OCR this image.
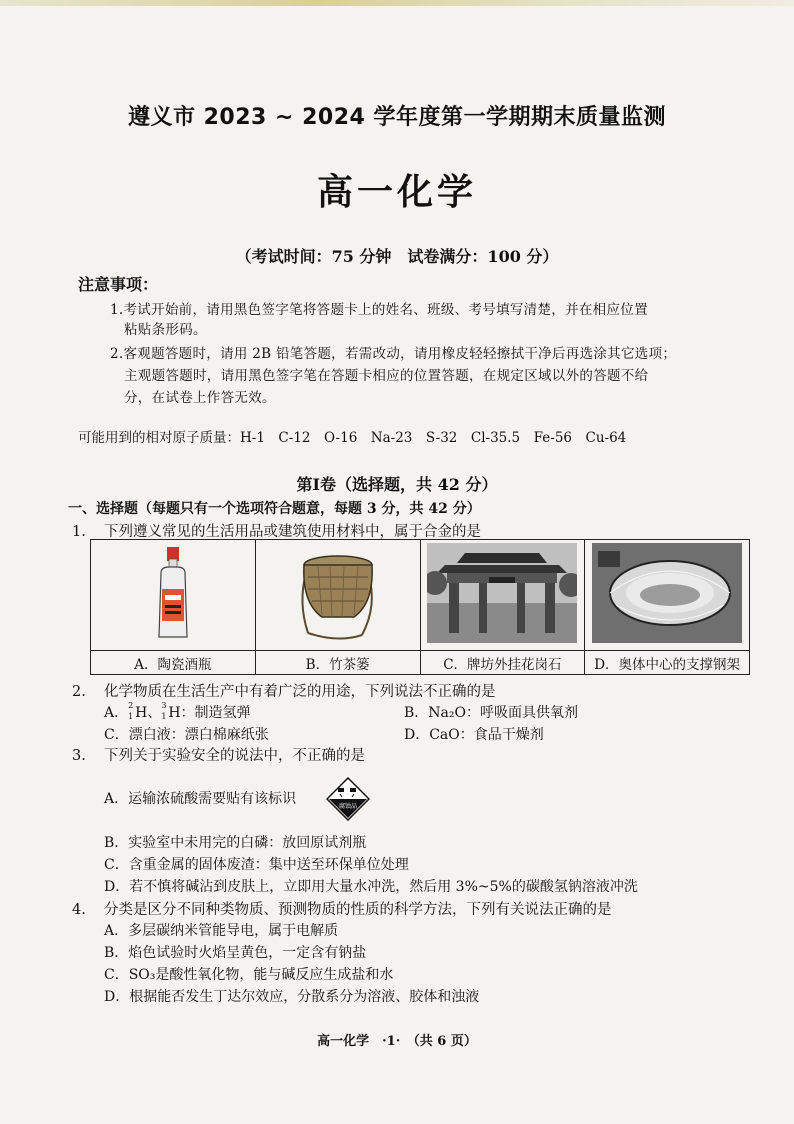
遵义市 2023 ~ 2024 学年度第一学期期末质量监测
高一化学
（考试时间：75 分钟　试卷满分：100 分）
注意事项：
1.考试开始前，请用黑色签字笔将答题卡上的姓名、班级、考号填写清楚，并在相应位置
粘贴条形码。
2.客观题答题时，请用 2B 铅笔答题，若需改动，请用橡皮轻轻擦拭干净后再选涂其它选项；
主观题答题时，请用黑色签字笔在答题卡相应的位置答题，在规定区域以外的答题不给
分，在试卷上作答无效。
可能用到的相对原子质量：H-1　C-12　O-16　Na-23　S-32　Cl-35.5　Fe-56　Cu-64
第Ⅰ卷（选择题，共 42 分）
一、选择题（每题只有一个选项符合题意，每题 3 分，共 42 分）
1. 下列遵义常见的生活用品或建筑使用材料中，属于合金的是

A．陶瓷酒瓶	B．竹茶篓	C．牌坊外挂花岗石	D．奥体中心的支撑钢架
2. 化学物质在生活生产中有着广泛的用途，下列说法不正确的是
A． 2
1 H、 3
1 H：制造氢弹	B．Na₂O：呼吸面具供氧剂
C．漂白液：漂白棉麻纸张	D．CaO：食品干燥剂
3. 下列关于实验安全的说法中，不正确的是
A．运输浓硫酸需要贴有该标识	腐蚀品
B．实验室中未用完的白磷：放回原试剂瓶
C．含重金属的固体废渣：集中送至环保单位处理
D．若不慎将碱沾到皮肤上，立即用大量水冲洗，然后用 3%~5%的碳酸氢钠溶液冲洗
4. 分类是区分不同种类物质、预测物质的性质的科学方法，下列有关说法正确的是
A．多层碳纳米管能导电，属于电解质
B．焰色试验时火焰呈黄色，一定含有钠盐
C．SO₃是酸性氧化物，能与碱反应生成盐和水
D．根据能否发生丁达尔效应，分散系分为溶液、胶体和浊液
高一化学　·1·　（共 6 页）
